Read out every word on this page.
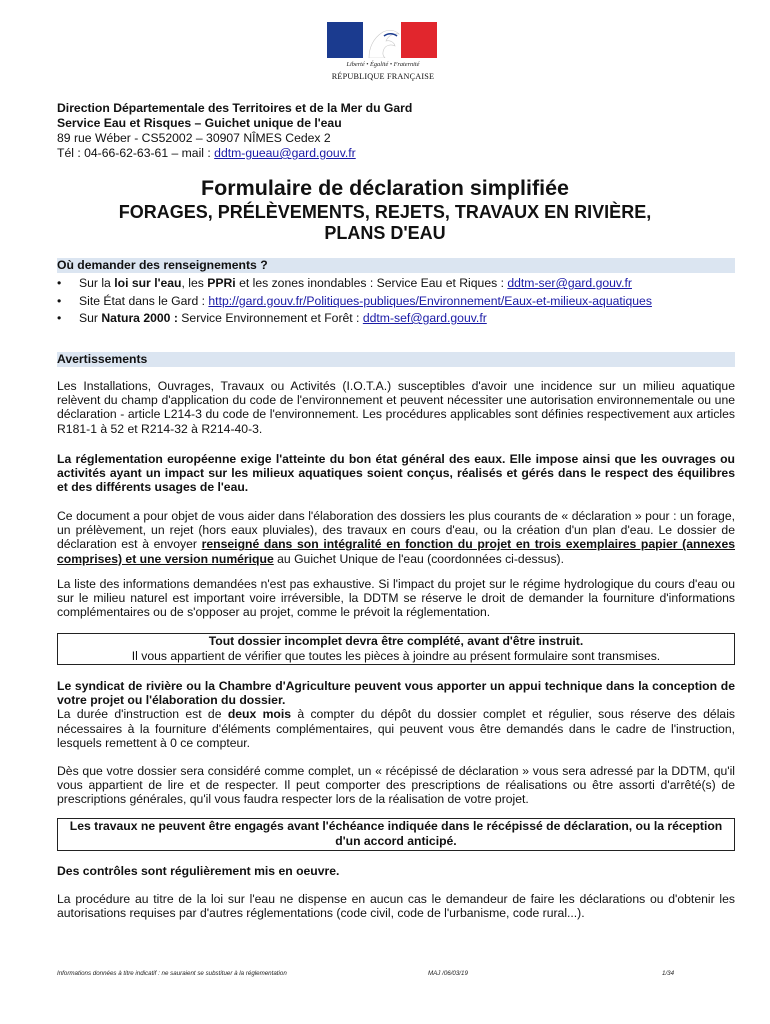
Liberté • Égalité • Fraternité
RÉPUBLIQUE FRANÇAISE
Direction Départementale des Territoires et de la Mer du Gard
Service Eau et Risques – Guichet unique de l'eau
89 rue Wéber - CS52002 – 30907 NÎMES Cedex 2
Tél : 04-66-62-63-61 – mail : ddtm-gueau@gard.gouv.fr
Formulaire de déclaration simplifiée
FORAGES, PRÉLÈVEMENTS, REJETS, TRAVAUX EN RIVIÈRE,
PLANS D'EAU
Où demander des renseignements ?
• Sur la loi sur l'eau, les PPRi et les zones inondables : Service Eau et Riques : ddtm-ser@gard.gouv.fr
• Site État dans le Gard : http://gard.gouv.fr/Politiques-publiques/Environnement/Eaux-et-milieux-aquatiques
• Sur Natura 2000 : Service Environnement et Forêt : ddtm-sef@gard.gouv.fr
Avertissements

Les Installations, Ouvrages, Travaux ou Activités (I.O.T.A.) susceptibles d'avoir une incidence sur un milieu aquatique relèvent du champ d'application du code de l'environnement et peuvent nécessiter une autorisation environnementale ou une déclaration - article L214-3 du code de l'environnement. Les procédures applicables sont définies respectivement aux articles R181-1 à 52 et R214-32 à R214-40-3.

La réglementation européenne exige l'atteinte du bon état général des eaux. Elle impose ainsi que les ouvrages ou activités ayant un impact sur les milieux aquatiques soient conçus, réalisés et gérés dans le respect des équilibres et des différents usages de l'eau.

Ce document a pour objet de vous aider dans l'élaboration des dossiers les plus courants de « déclaration » pour : un forage, un prélèvement, un rejet (hors eaux pluviales), des travaux en cours d'eau, ou la création d'un plan d'eau. Le dossier de déclaration est à envoyer renseigné dans son intégralité en fonction du projet en trois exemplaires papier (annexes comprises) et une version numérique au Guichet Unique de l'eau (coordonnées ci-dessus).

La liste des informations demandées n'est pas exhaustive. Si l'impact du projet sur le régime hydrologique du cours d'eau ou sur le milieu naturel est important voire irréversible, la DDTM se réserve le droit de demander la fourniture d'informations complémentaires ou de s'opposer au projet, comme le prévoit la réglementation.

Tout dossier incomplet devra être complété, avant d'être instruit.
Il vous appartient de vérifier que toutes les pièces à joindre au présent formulaire sont transmises.

Le syndicat de rivière ou la Chambre d'Agriculture peuvent vous apporter un appui technique dans la conception de votre projet ou l'élaboration du dossier.
La durée d'instruction est de deux mois à compter du dépôt du dossier complet et régulier, sous réserve des délais nécessaires à la fourniture d'éléments complémentaires, qui peuvent vous être demandés dans le cadre de l'instruction, lesquels remettent à 0 ce compteur.

Dès que votre dossier sera considéré comme complet, un « récépissé de déclaration » vous sera adressé par la DDTM, qu'il vous appartient de lire et de respecter. Il peut comporter des prescriptions de réalisations ou être assorti d'arrêté(s) de prescriptions générales, qu'il vous faudra respecter lors de la réalisation de votre projet.

Les travaux ne peuvent être engagés avant l'échéance indiquée dans le récépissé de déclaration, ou la réception d'un accord anticipé.

Des contrôles sont régulièrement mis en oeuvre.

La procédure au titre de la loi sur l'eau ne dispense en aucun cas le demandeur de faire les déclarations ou d'obtenir les autorisations requises par d'autres réglementations (code civil, code de l'urbanisme, code rural...).

Informations données à titre indicatif : ne sauraient se substituer à la réglementation	MAJ /06/03/19	1/34
